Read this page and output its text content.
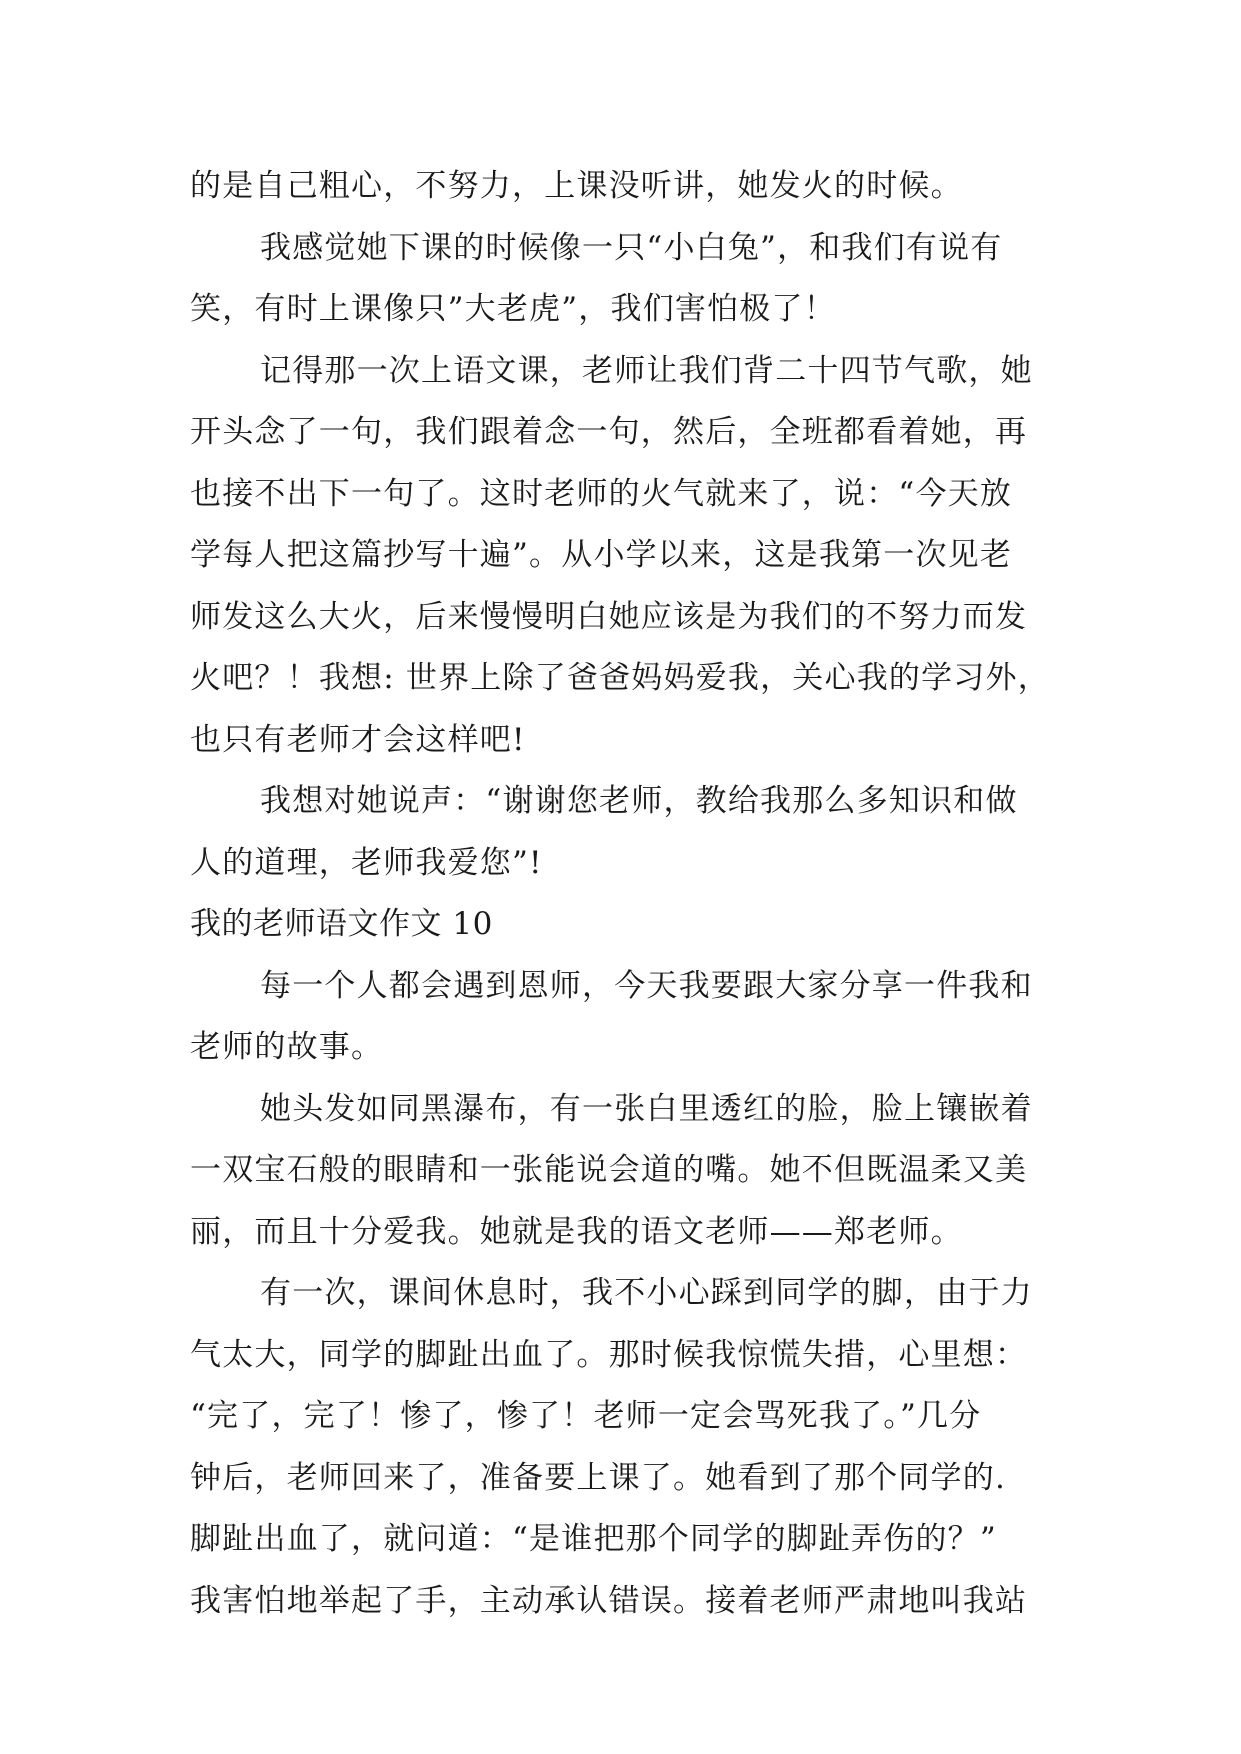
的是自己粗心，不努力，上课没听讲，她发火的时候。
我感觉她下课的时候像一只“小白兔”，和我们有说有
笑，有时上课像只”大老虎”，我们害怕极了！
记得那一次上语文课，老师让我们背二十四节气歌，她
开头念了一句，我们跟着念一句，然后，全班都看着她，再
也接不出下一句了。这时老师的火气就来了，说：“今天放
学每人把这篇抄写十遍”。从小学以来，这是我第一次见老
师发这么大火，后来慢慢明白她应该是为我们的不努力而发
火吧？！我想: 世界上除了爸爸妈妈爱我，关心我的学习外，
也只有老师才会这样吧!
我想对她说声：“谢谢您老师，教给我那么多知识和做
人的道理，老师我爱您”!
我的老师语文作文 10
每一个人都会遇到恩师，今天我要跟大家分享一件我和
老师的故事。
她头发如同黑瀑布，有一张白里透红的脸，脸上镶嵌着
一双宝石般的眼睛和一张能说会道的嘴。她不但既温柔又美
丽，而且十分爱我。她就是我的语文老师——郑老师。
有一次，课间休息时，我不小心踩到同学的脚，由于力
气太大，同学的脚趾出血了。那时候我惊慌失措，心里想：
“完了，完了！惨了，惨了！老师一定会骂死我了。”几分
钟后，老师回来了，准备要上课了。她看到了那个同学的.
脚趾出血了，就问道：“是谁把那个同学的脚趾弄伤的？”
我害怕地举起了手，主动承认错误。接着老师严肃地叫我站
